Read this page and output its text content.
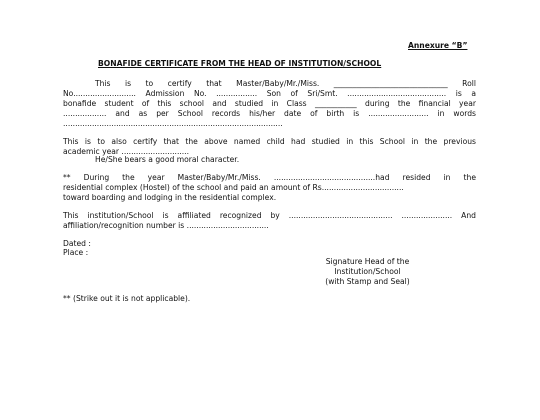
Annexure “B”
BONAFIDE CERTIFICATE FROM THE HEAD OF INSTITUTION/SCHOOL
This is to certify that Master/Baby/Mr./Miss. ______________________________ Roll
No.......................... Admission No. ................. Son of Sri/Smt. ......................................... is a
bonafide student of this school and studied in Class ___________ during the financial year
.................. and as per School records his/her date of birth is ......................... in words
...........................................................................................
This is to also certify that the above named child had studied in this School in the previous
academic year ............................
He/She bears a good moral character.
** During the year Master/Baby/Mr./Miss. ..........................................had resided in the
residential complex (Hostel) of the school and paid an amount of Rs..................................
toward boarding and lodging in the residential complex.
This institution/School is affiliated recognized by ........................................... ..................... And
affiliation/recognition number is ..................................
Dated :
Place :
Signature Head of the
Institution/School
(with Stamp and Seal)
** (Strike out it is not applicable).
